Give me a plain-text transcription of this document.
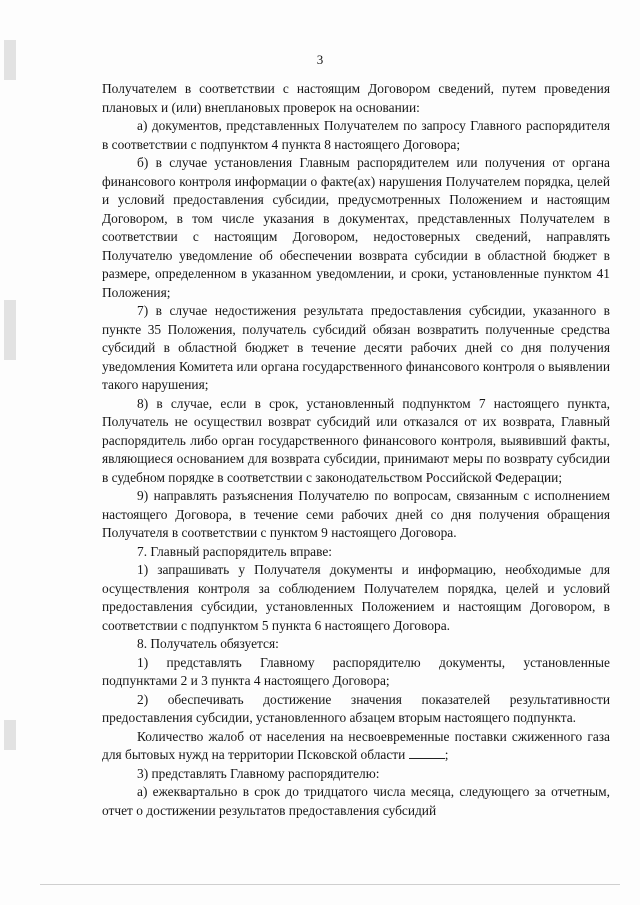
3

Получателем в соответствии с настоящим Договором сведений, путем проведения плановых и (или) внеплановых проверок на основании:

а) документов, представленных Получателем по запросу Главного распорядителя в соответствии с подпунктом 4 пункта 8 настоящего Договора;

б) в случае установления Главным распорядителем или получения от органа финансового контроля информации о факте(ах) нарушения Получателем порядка, целей и условий предоставления субсидии, предусмотренных Положением и настоящим Договором, в том числе указания в документах, представленных Получателем в соответствии с настоящим Договором, недостоверных сведений, направлять Получателю уведомление об обеспечении возврата субсидии в областной бюджет в размере, определенном в указанном уведомлении, и сроки, установленные пунктом 41 Положения;

7) в случае недостижения результата предоставления субсидии, указанного в пункте 35 Положения, получатель субсидий обязан возвратить полученные средства субсидий в областной бюджет в течение десяти рабочих дней со дня получения уведомления Комитета или органа государственного финансового контроля о выявлении такого нарушения;

8) в случае, если в срок, установленный подпунктом 7 настоящего пункта, Получатель не осуществил возврат субсидий или отказался от их возврата, Главный распорядитель либо орган государственного финансового контроля, выявивший факты, являющиеся основанием для возврата субсидии, принимают меры по возврату субсидии в судебном порядке в соответствии с законодательством Российской Федерации;

9) направлять разъяснения Получателю по вопросам, связанным с исполнением настоящего Договора, в течение семи рабочих дней со дня получения обращения Получателя в соответствии с пунктом 9 настоящего Договора.

7. Главный распорядитель вправе:

1) запрашивать у Получателя документы и информацию, необходимые для осуществления контроля за соблюдением Получателем порядка, целей и условий предоставления субсидии, установленных Положением и настоящим Договором, в соответствии с подпунктом 5 пункта 6 настоящего Договора.

8. Получатель обязуется:

1) представлять Главному распорядителю документы, установленные подпунктами 2 и 3 пункта 4 настоящего Договора;

2) обеспечивать достижение значения показателей результативности предоставления субсидии, установленного абзацем вторым настоящего подпункта.

Количество жалоб от населения на несвоевременные поставки сжиженного газа для бытовых нужд на территории Псковской области	;

3) представлять Главному распорядителю:

а) ежеквартально в срок до тридцатого числа месяца, следующего за отчетным, отчет о достижении результатов предоставления субсидий
